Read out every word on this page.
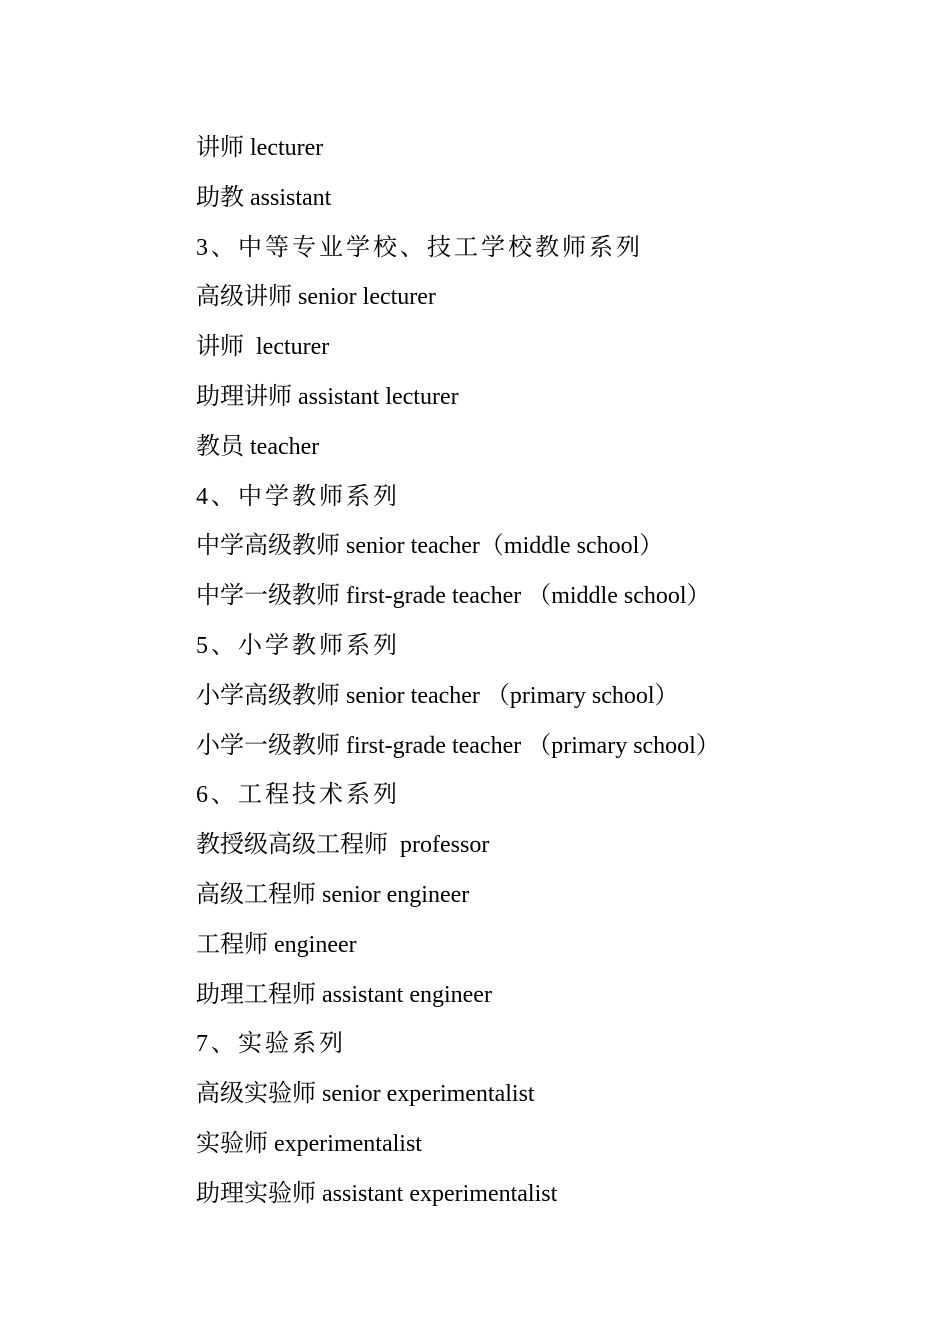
讲师 lecturer
助教 assistant
3、中等专业学校、技工学校教师系列
高级讲师 senior lecturer
讲师  lecturer
助理讲师 assistant lecturer
教员 teacher
4、中学教师系列
中学高级教师 senior teacher（middle school）
中学一级教师 first-grade teacher （middle school）
5、小学教师系列
小学高级教师 senior teacher （primary school）
小学一级教师 first-grade teacher （primary school）
6、工程技术系列
教授级高级工程师  professor
高级工程师 senior engineer
工程师 engineer
助理工程师 assistant engineer
7、实验系列
高级实验师 senior experimentalist
实验师 experimentalist
助理实验师 assistant experimentalist
